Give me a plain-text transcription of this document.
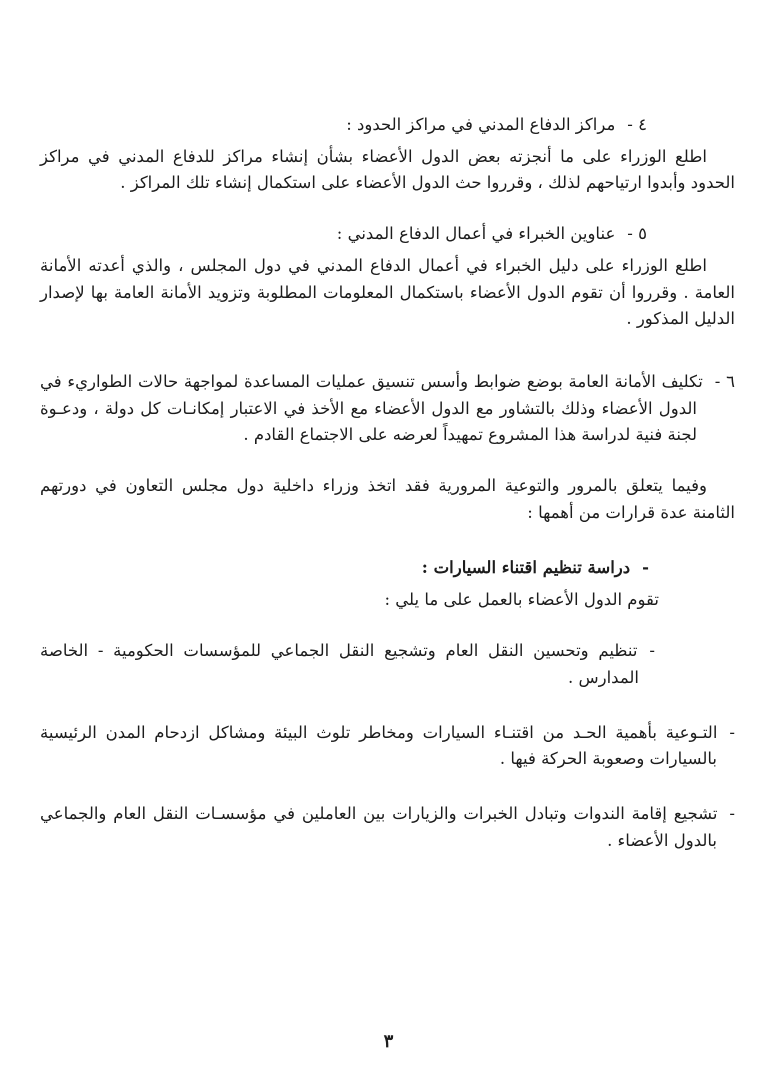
٤ -مراكز الدفاع المدني في مراكز الحدود :

اطلع الوزراء على ما أنجزته بعض الدول الأعضاء بشأن إنشاء مراكز للدفاع المدني في مراكز الحدود وأبدوا ارتياحهم لذلك ، وقرروا حث الدول الأعضاء على استكمال إنشاء تلك المراكز .

٥ -عناوين الخبراء في أعمال الدفاع المدني :

اطلع الوزراء على دليل الخبراء في أعمال الدفاع المدني في دول المجلس ، والذي أعدته الأمانة العامة . وقرروا أن تقوم الدول الأعضاء باستكمال المعلومات المطلوبة وتزويد الأمانة العامة بها لإصدار الدليل المذكور .

٦ -تكليف الأمانة العامة بوضع ضوابط وأسس تنسيق عمليات المساعدة لمواجهة حالات الطواريء في الدول الأعضاء وذلك بالتشاور مع الدول الأعضاء مع الأخذ في الاعتبار إمكانـات كل دولة ، ودعـوة لجنة فنية لدراسة هذا المشروع تمهيداً لعرضه على الاجتماع القادم .

وفيما يتعلق بالمرور والتوعية المرورية فقد اتخذ وزراء داخلية دول مجلس التعاون في دورتهم الثامنة عدة قرارات من أهمها :

-دراسة تنظيم اقتناء السيارات :

تقوم الدول الأعضاء بالعمل على ما يلي :

-تنظيم وتحسين النقل العام وتشجيع النقل الجماعي للمؤسسات الحكومية - الخاصة المدارس .
-التـوعية بأهمية الحـد من اقتنـاء السيارات ومخاطر تلوث البيئة ومشاكل ازدحام المدن الرئيسية بالسيارات وصعوبة الحركة فيها .
-تشجيع إقامة الندوات وتبادل الخبرات والزيارات بين العاملين في مؤسسـات النقل العام والجماعي بالدول الأعضاء .
٣
